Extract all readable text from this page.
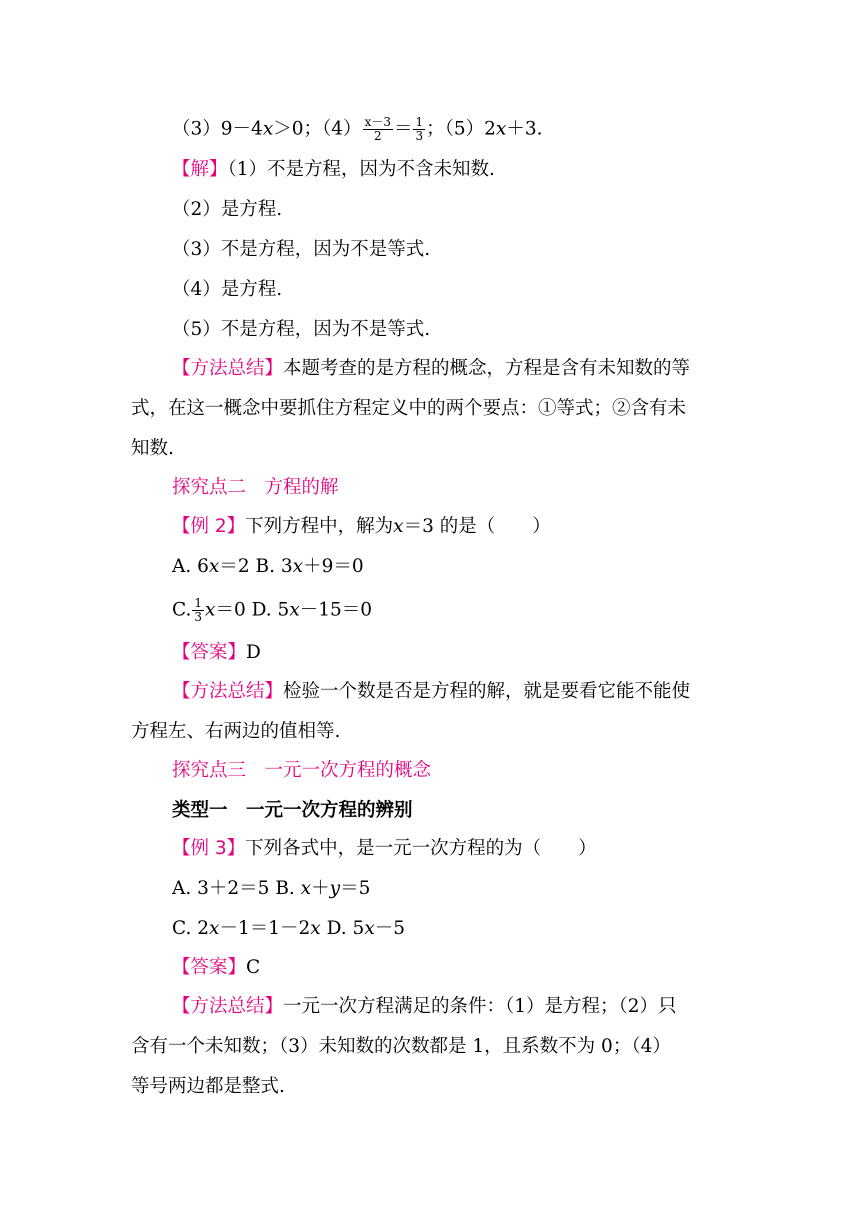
（3）9－4x＞0；$(4) \frac{x-3}{2} = \frac{1}{3}$ ；（5）2x＋3.
【解】（1）不是方程，因为不含未知数.
（2）是方程.
（3）不是方程，因为不是等式.
（4）是方程.
（5）不是方程，因为不是等式.
【方法总结】本题考查的是方程的概念，方程是含有未知数的等
式，在这一概念中要抓住方程定义中的两个要点：①等式；②含有未
知数.
探究点二　方程的解
【例 2】下列方程中，解为x＝3 的是（　　）
A. 6x＝2 B. 3x＋9＝0
C. $\frac{1}{3} x=0$ D. 5x－15＝0
【答案】D
【方法总结】检验一个数是否是方程的解，就是要看它能不能使
方程左、右两边的值相等.
探究点三　一元一次方程的概念
类型一　一元一次方程的辨别
【例 3】下列各式中，是一元一次方程的为（　　）
A. 3＋2＝5 B. x＋y＝5
C. 2x－1＝1－2x D. 5x－5
【答案】C
【方法总结】一元一次方程满足的条件：（1）是方程；（2）只
含有一个未知数；（3）未知数的次数都是 1，且系数不为 0；（4）
等号两边都是整式.
